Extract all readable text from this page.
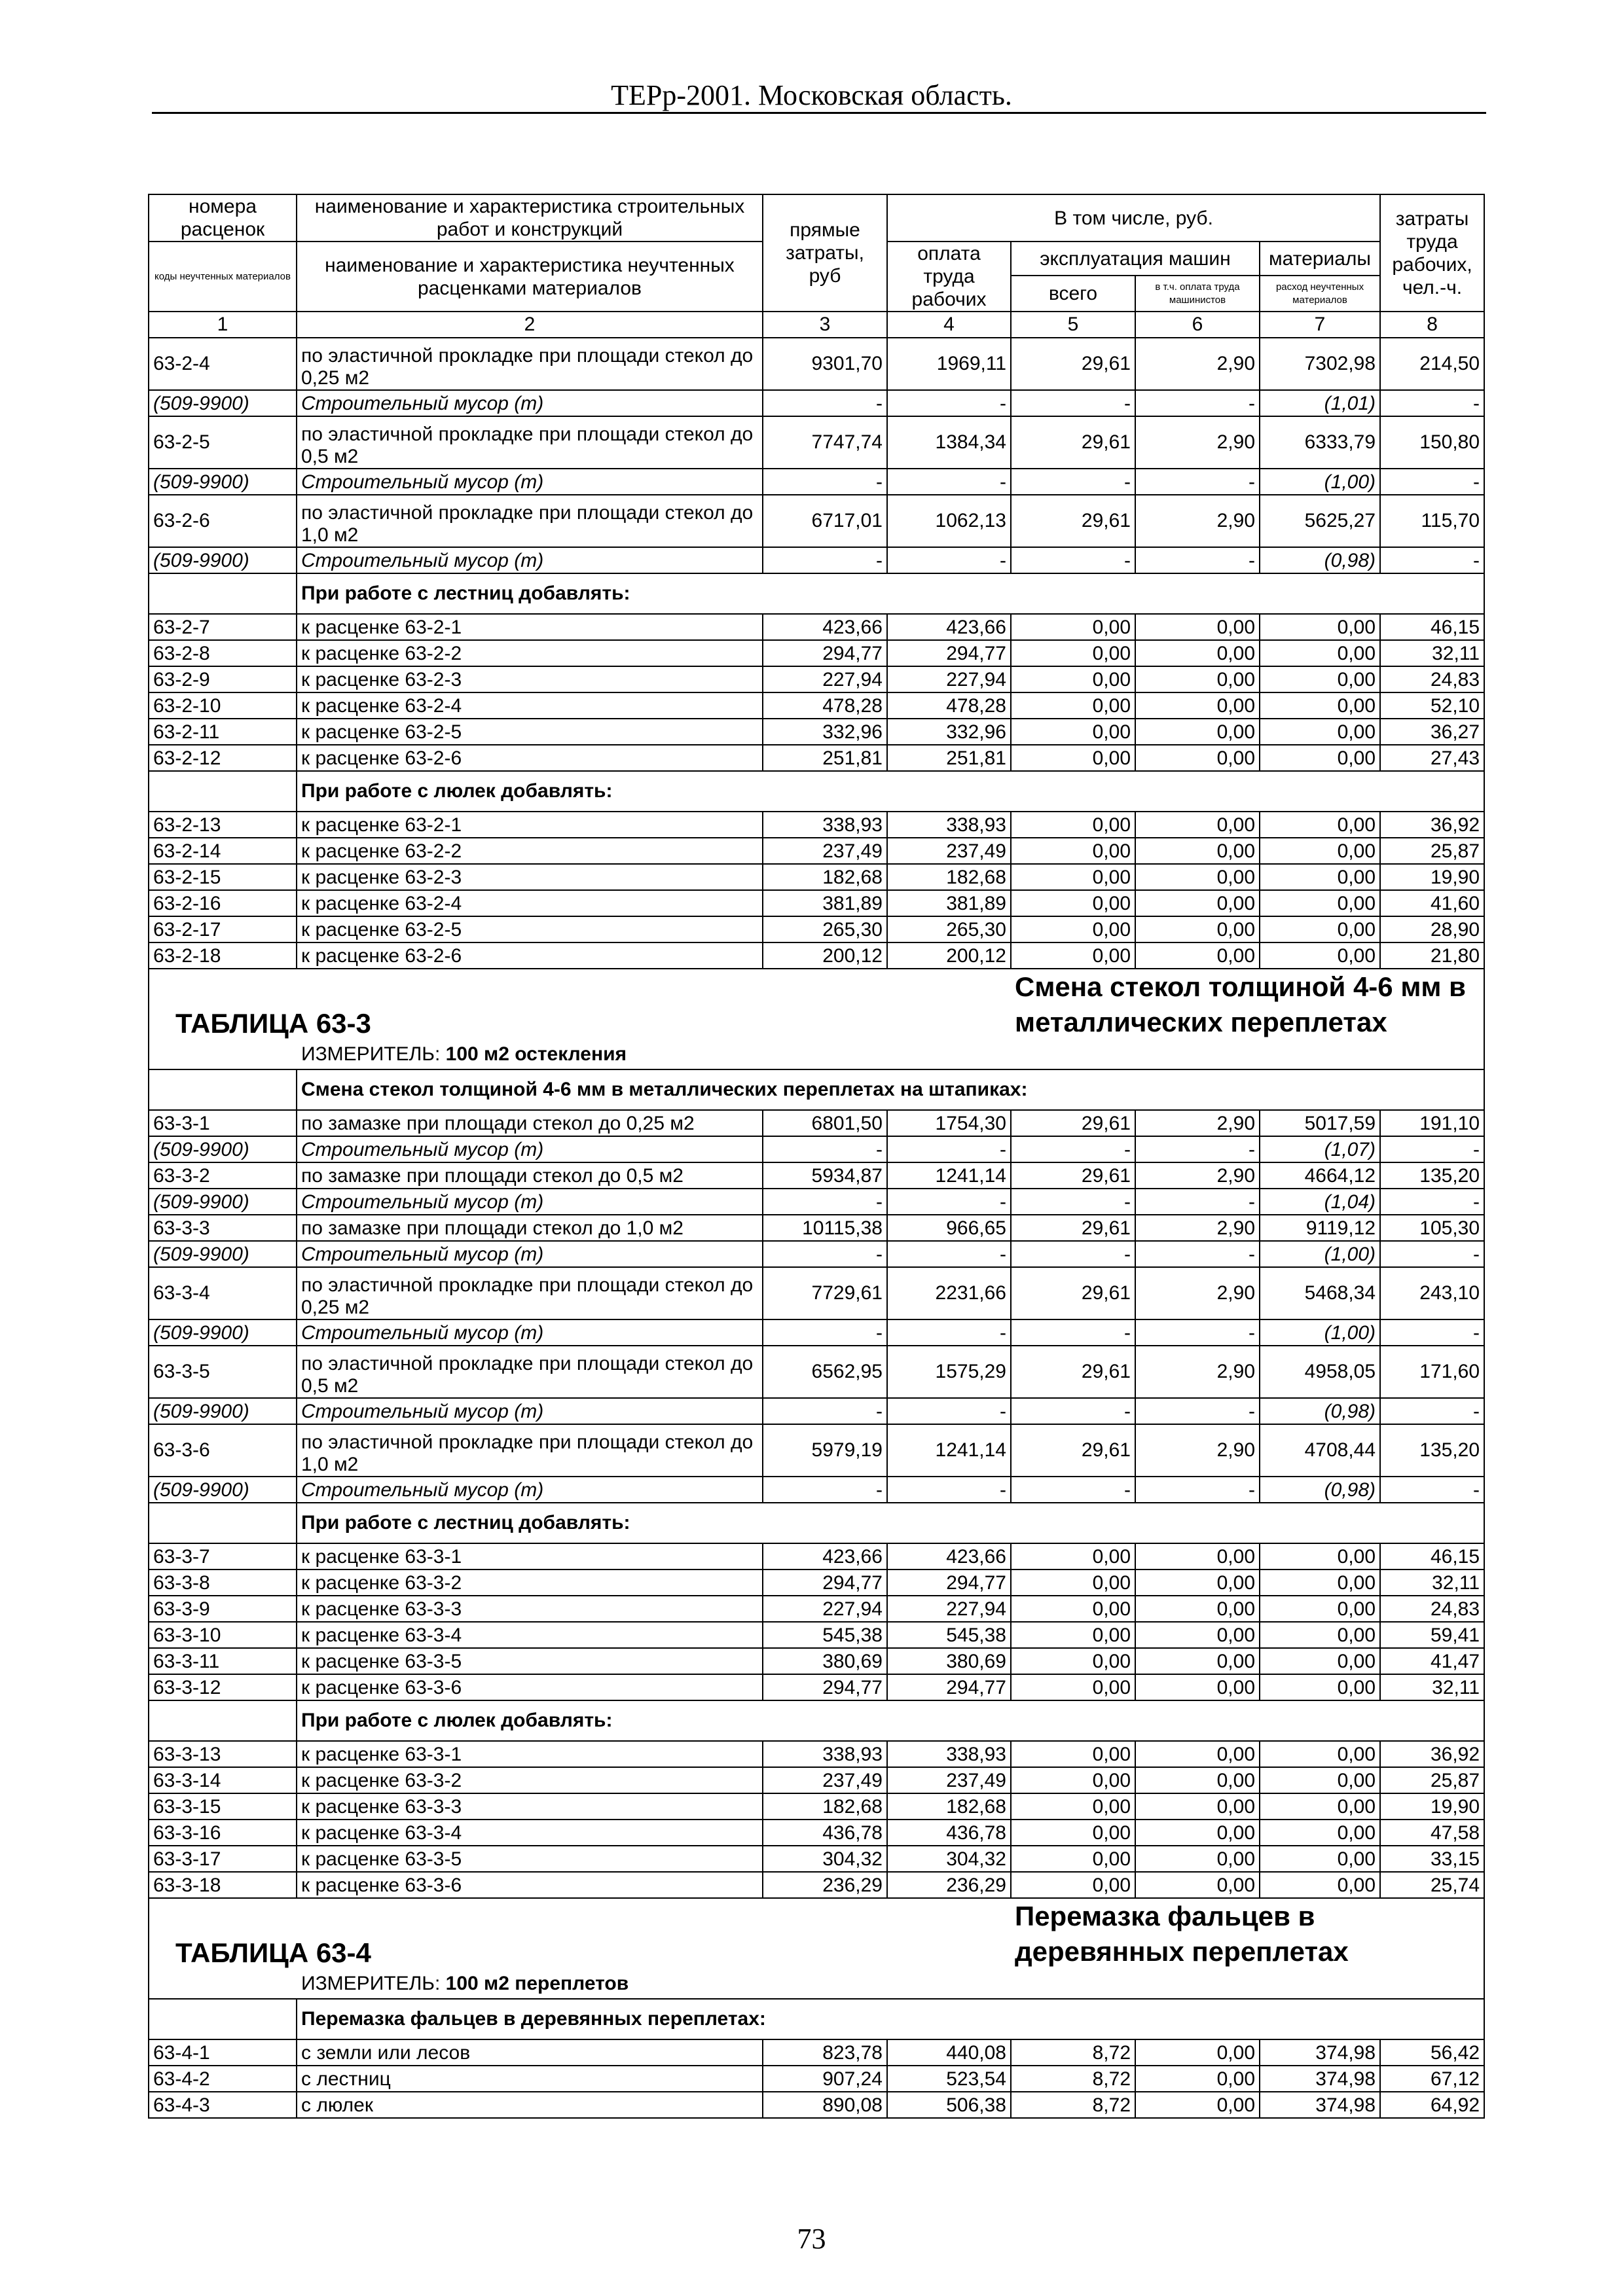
ТЕРр-2001. Московская область.
номера расценок	наименование и характеристика строительных работ и конструкций	прямые затраты, руб	В том числе, руб.				затраты труда рабочих, чел.-ч.

коды неучтенных материалов	наименование и характеристика неучтенных расценками материалов		оплата труда рабочих	эксплуатация машин		материалы	
				всего	в т.ч. оплата труда машинистов	расход неучтенных материалов	
1	2	3	4	5	6	7	8
63-2-4	по эластичной прокладке при площади стекол до 0,25 м2	9301,70	1969,11	29,61	2,90	7302,98	214,50
(509-9900)	Строительный мусор (т)	-	-	-	-	(1,01)	-
63-2-5	по эластичной прокладке при площади стекол до 0,5 м2	7747,74	1384,34	29,61	2,90	6333,79	150,80
(509-9900)	Строительный мусор (т)	-	-	-	-	(1,00)	-
63-2-6	по эластичной прокладке при площади стекол до 1,0 м2	6717,01	1062,13	29,61	2,90	5625,27	115,70
(509-9900)	Строительный мусор (т)	-	-	-	-	(0,98)	-
	При работе с лестниц добавлять:						
63-2-7	к расценке 63-2-1	423,66	423,66	0,00	0,00	0,00	46,15
63-2-8	к расценке 63-2-2	294,77	294,77	0,00	0,00	0,00	32,11
63-2-9	к расценке 63-2-3	227,94	227,94	0,00	0,00	0,00	24,83
63-2-10	к расценке 63-2-4	478,28	478,28	0,00	0,00	0,00	52,10
63-2-11	к расценке 63-2-5	332,96	332,96	0,00	0,00	0,00	36,27
63-2-12	к расценке 63-2-6	251,81	251,81	0,00	0,00	0,00	27,43
	При работе с люлек добавлять:						
63-2-13	к расценке 63-2-1	338,93	338,93	0,00	0,00	0,00	36,92
63-2-14	к расценке 63-2-2	237,49	237,49	0,00	0,00	0,00	25,87
63-2-15	к расценке 63-2-3	182,68	182,68	0,00	0,00	0,00	19,90
63-2-16	к расценке 63-2-4	381,89	381,89	0,00	0,00	0,00	41,60
63-2-17	к расценке 63-2-5	265,30	265,30	0,00	0,00	0,00	28,90
63-2-18	к расценке 63-2-6	200,12	200,12	0,00	0,00	0,00	21,80
ТАБЛИЦА 63-3				Смена стекол толщиной 4-6 мм в металлических переплетах			
ИЗМЕРИТЕЛЬ: 100 м2 остекления							
	Смена стекол толщиной 4-6 мм в металлических переплетах на штапиках:						
63-3-1	по замазке при площади стекол до 0,25 м2	6801,50	1754,30	29,61	2,90	5017,59	191,10
(509-9900)	Строительный мусор (т)	-	-	-	-	(1,07)	-
63-3-2	по замазке при площади стекол до 0,5 м2	5934,87	1241,14	29,61	2,90	4664,12	135,20
(509-9900)	Строительный мусор (т)	-	-	-	-	(1,04)	-
63-3-3	по замазке при площади стекол до 1,0 м2	10115,38	966,65	29,61	2,90	9119,12	105,30
(509-9900)	Строительный мусор (т)	-	-	-	-	(1,00)	-
63-3-4	по эластичной прокладке при площади стекол до 0,25 м2	7729,61	2231,66	29,61	2,90	5468,34	243,10
(509-9900)	Строительный мусор (т)	-	-	-	-	(1,00)	-
63-3-5	по эластичной прокладке при площади стекол до 0,5 м2	6562,95	1575,29	29,61	2,90	4958,05	171,60
(509-9900)	Строительный мусор (т)	-	-	-	-	(0,98)	-
63-3-6	по эластичной прокладке при площади стекол до 1,0 м2	5979,19	1241,14	29,61	2,90	4708,44	135,20
(509-9900)	Строительный мусор (т)	-	-	-	-	(0,98)	-
	При работе с лестниц добавлять:						
63-3-7	к расценке 63-3-1	423,66	423,66	0,00	0,00	0,00	46,15
63-3-8	к расценке 63-3-2	294,77	294,77	0,00	0,00	0,00	32,11
63-3-9	к расценке 63-3-3	227,94	227,94	0,00	0,00	0,00	24,83
63-3-10	к расценке 63-3-4	545,38	545,38	0,00	0,00	0,00	59,41
63-3-11	к расценке 63-3-5	380,69	380,69	0,00	0,00	0,00	41,47
63-3-12	к расценке 63-3-6	294,77	294,77	0,00	0,00	0,00	32,11
	При работе с люлек добавлять:						
63-3-13	к расценке 63-3-1	338,93	338,93	0,00	0,00	0,00	36,92
63-3-14	к расценке 63-3-2	237,49	237,49	0,00	0,00	0,00	25,87
63-3-15	к расценке 63-3-3	182,68	182,68	0,00	0,00	0,00	19,90
63-3-16	к расценке 63-3-4	436,78	436,78	0,00	0,00	0,00	47,58
63-3-17	к расценке 63-3-5	304,32	304,32	0,00	0,00	0,00	33,15
63-3-18	к расценке 63-3-6	236,29	236,29	0,00	0,00	0,00	25,74
ТАБЛИЦА 63-4				Перемазка фальцев в деревянных переплетах			
ИЗМЕРИТЕЛЬ: 100 м2 переплетов							
	Перемазка фальцев в деревянных переплетах:						
63-4-1	с земли или лесов	823,78	440,08	8,72	0,00	374,98	56,42
63-4-2	с лестниц	907,24	523,54	8,72	0,00	374,98	67,12
63-4-3	с люлек	890,08	506,38	8,72	0,00	374,98	64,92
73
